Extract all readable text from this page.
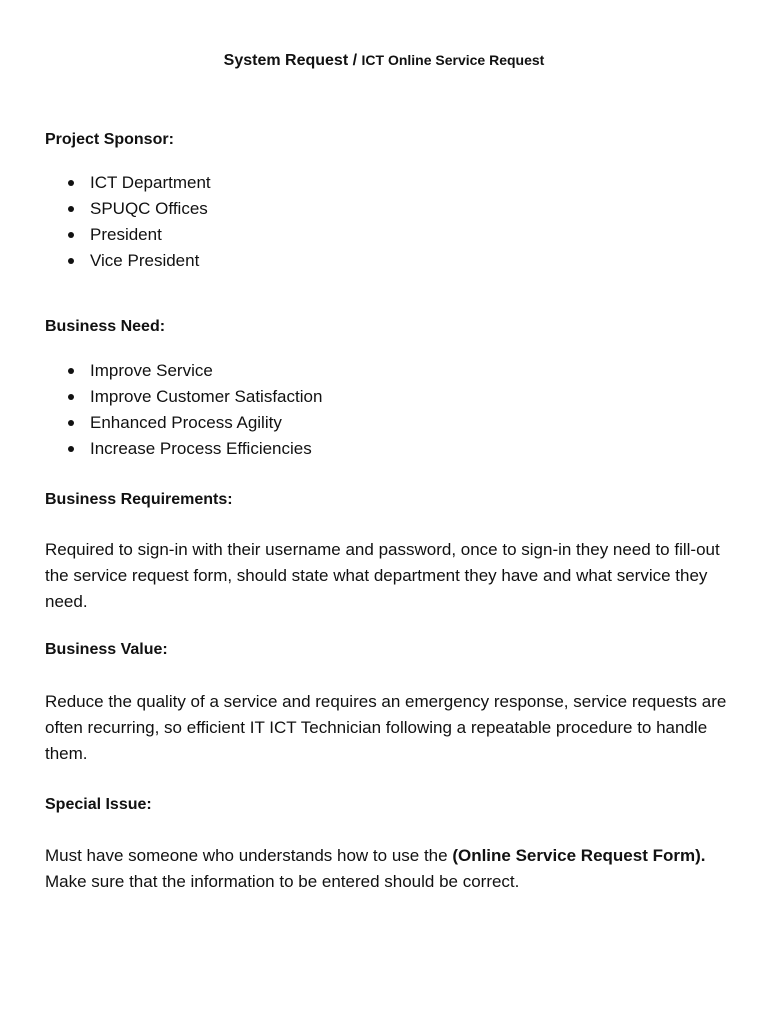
System Request / ICT Online Service Request
Project Sponsor:
ICT Department
SPUQC Offices
President
Vice President
Business Need:
Improve Service
Improve Customer Satisfaction
Enhanced Process Agility
Increase Process Efficiencies
Business Requirements:
Required to sign-in with their username and password, once to sign-in they need to fill-out the service request form, should state what department they have and what service they need.
Business Value:
Reduce the quality of a service and requires an emergency response, service requests are often recurring, so efficient IT ICT Technician following a repeatable procedure to handle them.
Special Issue:
Must have someone who understands how to use the (Online Service Request Form). Make sure that the information to be entered should be correct.
